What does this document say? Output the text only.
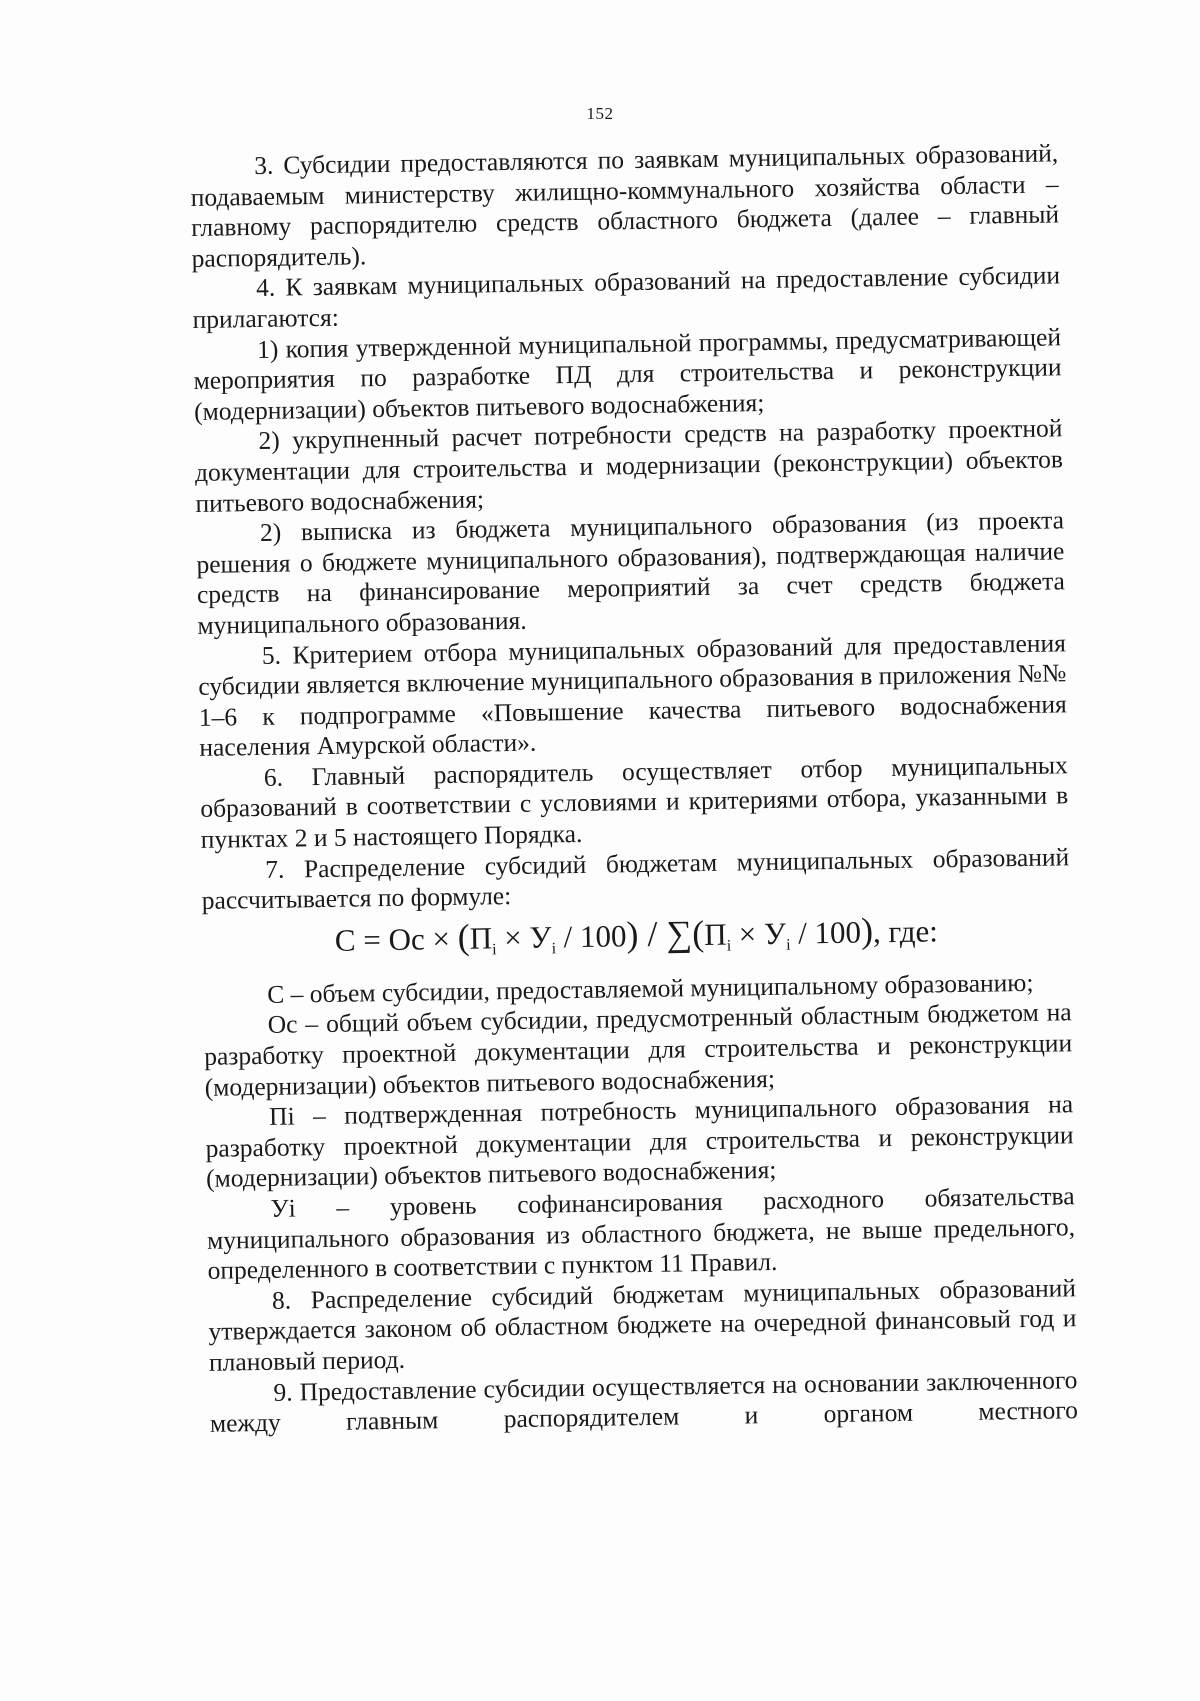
152

3. Субсидии предоставляются по заявкам муниципальных образований, подаваемым министерству жилищно-коммунального хозяйства области – главному распорядителю средств областного бюджета (далее – главный распорядитель).

4. К заявкам муниципальных образований на предоставление субсидии прилагаются:

1) копия утвержденной муниципальной программы, предусматривающей мероприятия по разработке ПД для строительства и реконструкции (модернизации) объектов питьевого водоснабжения;

2) укрупненный расчет потребности средств на разработку проектной документации для строительства и модернизации (реконструкции) объектов питьевого водоснабжения;

2) выписка из бюджета муниципального образования (из проекта решения о бюджете муниципального образования), подтверждающая наличие средств на финансирование мероприятий за счет средств бюджета муниципального образования.

5. Критерием отбора муниципальных образований для предоставления субсидии является включение муниципального образования в приложения №№ 1–6 к подпрограмме «Повышение качества питьевого водоснабжения населения Амурской области».

6. Главный распорядитель осуществляет отбор муниципальных образований в соответствии с условиями и критериями отбора, указанными в пунктах 2 и 5 настоящего Порядка.

7. Распределение субсидий бюджетам муниципальных образований рассчитывается по формуле:

С = Ос × $(П_i \times У_i / 100) / \sum(П_i \times У_i / 100)$, где:

С – объем субсидии, предоставляемой муниципальному образованию;

Ос – общий объем субсидии, предусмотренный областным бюджетом на разработку проектной документации для строительства и реконструкции (модернизации) объектов питьевого водоснабжения;

Пi – подтвержденная потребность муниципального образования на разработку проектной документации для строительства и реконструкции (модернизации) объектов питьевого водоснабжения;

Уi – уровень софинансирования расходного обязательства муниципального образования из областного бюджета, не выше предельного, определенного в соответствии с пунктом 11 Правил.

8. Распределение субсидий бюджетам муниципальных образований утверждается законом об областном бюджете на очередной финансовый год и плановый период.

9. Предоставление субсидии осуществляется на основании заключенного между главным распорядителем и органом местного
